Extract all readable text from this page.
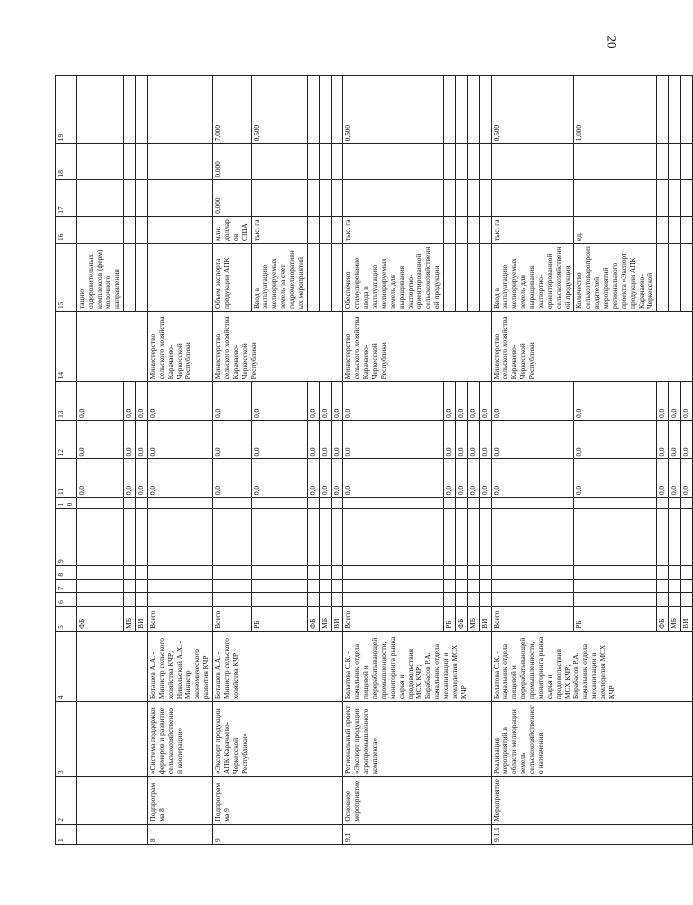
20
1	2	3	4	5	6	7	8	9	10	11	12	13	14	15	16	17	18	19
				ФБ						0,0	0,0	0,0		тацию оздоровительных комплексов (ферм) молочного направления				
				МБ						0,0	0,0	0,0						
				ВИ						0,0	0,0	0,0						
8	Подпрограмма 8	«Система поддержки фермеров и развитие сельскохозяйственной кооперации»	Боташев А.А. - Министр сельского хозяйства КЧР; Никольский А.Х. - Министр экономического развития КЧР	Всего						0,0	0,0	0,0	Министерство сельского хозяйства Карачаево-Черкесской Республики					
9	Подпрограмма 9	«Экспорт продукции АПК Карачаево-Черкесской Республики»	Боташев А.А. - Министр сельского хозяйства КЧР	Всего						0,0	0,0	0,0	Министерство сельского хозяйства Карачаево-Черкесской Республики	Объем экспорта продукции АПК	млн. долларов США	0,000	0,000	7,000
				РБ						0,0	0,0	0,0		Ввод в эксплуатацию мелиорируемых земель за счет гидромелиоративных мероприятий	тыс. га			0,500
				ФБ						0,0	0,0	0,0						
				МБ						0,0	0,0	0,0						
				ВИ						0,0	0,0	0,0						
9.1	Основное мероприятие	Региональный проект «Экспорт продукции агропромышленного комплекса»	Болатова С.К. - начальник отдела пищевой и перерабатывающей промышленности, мониторинга рынка сырья и продовольствия МСХ КЧР; Бирабасов Р.А. начальник отдела механизации и земледелия МСХ КЧР	Всего						0,0	0,0	0,0	Министерство сельского хозяйства Карачаево-Черкесской Республики	Обеспечено стимулирование ввода в эксплуатацию мелиорируемых земель для выращивания экспортно-ориентированной сельскохозяйственной продукции	тыс. га			0,500
				РБ						0,0	0,0	0,0						
				ФБ						0,0	0,0	0,0						
				МБ						0,0	0,0	0,0						
				ВИ						0,0	0,0	0,0						
9.1.1	Мероприятие	Реализация мероприятий в области мелиорации земель сельскохозяйственного назначения	Болатова С.К. - начальник отдела пищевой и перерабатывающей промышленности, мониторинга рынка сырья и продовольствия МСХ КЧР; Бирабасов Р.А. начальник отдела механизации и земледелия МСХ КЧР	Всего						0,0	0,0	0,0	Министерство сельского хозяйства Карачаево-Черкесской Республики	Ввод в эксплуатацию мелиорируемых земель для выращивания экспортно-ориентированной сельскохозяйственной продукции	тыс. га			0,500
				РБ						0,0	0,0	0,0		Количество сельхозтоваропроизводителей мероприятий регионального проекта «Экспорт продукции АПК Карачаево-Черкесской	ед.			1,000
				ФБ						0,0	0,0	0,0						
				МБ						0,0	0,0	0,0						
				ВИ						0,0	0,0	0,0						
